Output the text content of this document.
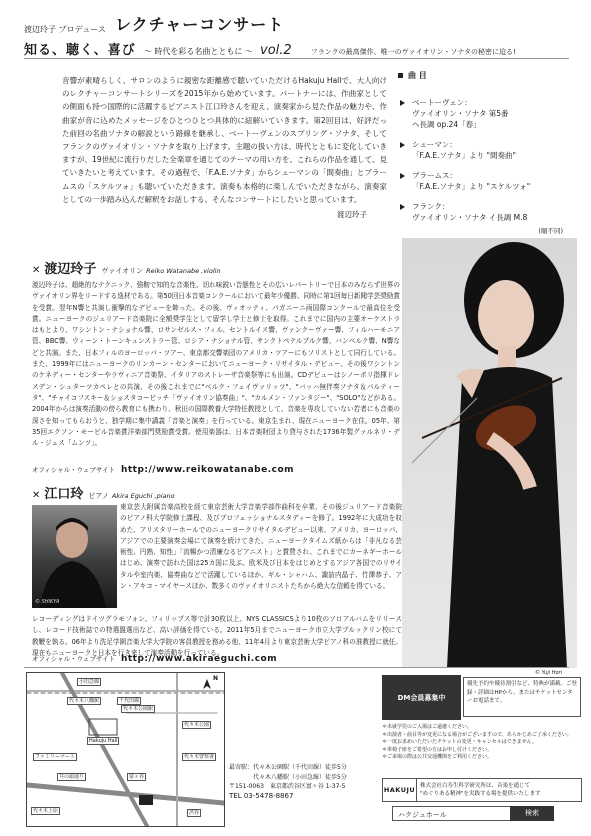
渡辺玲子 プロデュース レクチャーコンサート
知る、聴く、喜び ～ 時代を彩る名曲とともに ～ vol.2	フランクの最高傑作、唯一のヴァイオリン・ソナタの秘密に迫る!
音響が素晴らしく、サロンのように親密な距離感で聴いていただけるHakuju Hallで、大人向けのレクチャーコンサートシリーズを2015年から始めています。パートナーには、作曲家としての側面も持つ国際的に活躍するピアニスト江口玲さんを迎え、演奏家から見た作品の魅力や、作曲家が音に込めたメッセージをひとつひとつ具体的に紐解いていきます。第2回目は、好評だった前回の名曲ソナタの解説という路線を継承し、ベートーヴェンのスプリング・ソナタ、そしてフランクのヴァイオリン・ソナタを取り上げます。主題の扱い方は、時代とともに変化していきますが、19世紀に流行りだした全楽章を通じてのテーマの用い方を、これらの作品を通して、見ていきたいと考えています。その過程で、「F.A.E.ソナタ」からシューマンの「間奏曲」とブラームスの「スケルツォ」も聴いていただきます。演奏も本格的に楽しんでいただきながら、演奏家としての一歩踏み込んだ解釈をお話しする、そんなコンサートにしたいと思っています。
渡辺玲子
曲 目
ベートーヴェン：
ヴァイオリン・ソナタ 第5番
ヘ長調 op.24「春」
シューマン：
「F.A.E.ソナタ」より "間奏曲"
ブラームス：
「F.A.E.ソナタ」より "スケルツォ"
フランク：
ヴァイオリン・ソナタ イ長調 M.8
(順不同)
© Yuji Hori
✕ 渡辺玲子 ヴァイオリン Reiko Watanabe ,violin
渡辺玲子は、超絶的なテクニック、強靭で知的な音楽性、切れ味鋭い音態性とその広いレパートリーで日本のみならず世界のヴァイオリン界をリードする逸材である。第50回日本音楽コンクールにおいて最年少優勝、同時に第1回毎日新聞学芸奨励賞を受賞。翌年N響と共演し衝撃的なデビューを飾った。その後、ヴィオッティ、パガニーニ両国際コンクールで最高位を受賞。ニューヨークのジュリアード音楽院に全額奨学生として留学し学士と修士を取得。これまでに国内の主要オーケストラはもとより、ワシントン・ナショナル響、ロサンゼルス・フィル、セントルイス響、ヴァンクーヴァー響、フィルハーモニア管、BBC響、ウィーン・トーンキュンストラー管、ロシア・ナショナル管、サンクトペテルブルク響、バンベルク響、N響などと共演。また、日本フィルのヨーロッパ・ツアー、東京都交響楽団のアメリカ・ツアーにもソリストとして同行している。また、1999年にはニューヨークのリンカーン・センターにおいてニューヨーク・リサイタル・デビュー、その後ワシントンのケネディー・センターやラヴィニア音楽祭、イタリアのストレーザ音楽祭等にも出演。CDデビューはシノーポリ指揮ドレスデン・シュターツカペレとの共演、その後これまでに"ベルク・フェイヴァリッツ"、"バッハ無伴奏ソナタ＆パルティータ"、"チャイコフスキー＆ショスタコービッチ「ヴァイオリン協奏曲」"、"カルメン・ファンタジー"、"SOLO"などがある。2004年からは演奏活動の傍ら教育にも携わり、秋田の国際教養大学特任教授として、音楽を専攻していない若者にも音楽の深さを知ってもらおうと、独学期に集中講義「音楽と演奏」を行っている。東京生まれ、現在ニューヨーク在住。05年、第35回エクソン・モービル音楽賞洋楽部門奨励賞受賞。使用楽器は、日本音楽財団より貸与された1736年製グァルネリ・デル・ジェス「ムンツ」。
オフィシャル・ウェブサイト http://www.reikowatanabe.com
✕ 江口玲 ピアノ Akira Eguchi ,piano
© SHIKYA
東京芸大附属音楽高校を経て東京芸術大学音楽学部作曲科を卒業、その後ジュリアード音楽院のピアノ科大学院修士課程、及びプロフェッショナルスタディーを修了。1992年に大成功を収めた、アリスタリーホールでのニューヨークリサイタルデビュー以来、アメリカ、ヨーロッパ、アジアでの主要演奏会場にて演奏を続けてきた。ニューヨークタイムズ紙からは「非凡なる芸術性、円熟、知性」「流暢かつ清廉なるピアニスト」と賞賛され、これまでにカーネギーホールはじめ、演奏で訪れた国は25カ国に及ぶ。欧米及び日本をはじめとするアジア各国でのリサイタルや室内楽、協奏曲などで活躍しているほか、ギル・シャハム、諏訪内晶子、竹澤恭子、アン・アキコ・マイヤースほか、数多くのヴァイオリニストたちから絶大な信頼を得ている。
レコーディングはドイツグラモフォン、フィリップス等で計30枚以上、NYS CLASSICSより10枚のソロアルバムをリリースし、レコード技術誌での特選盤選出など、高い評価を得ている。2011年5月までニューヨーク市立大学ブルックリン校にて教鞭を執る。06年より洗足学園音楽大学大学院の客員教授を務める他、11年4月より東京芸術大学ピアノ科の准教授に就任。現在もニューヨークと日本を行き来して演奏活動を行っている。
オフィシャル・ウェブサイト http://www.akiraeguchi.com
小田急線
代々木八幡駅	千代田線
代々木公園駅
Hakuju Hall
代々木公園
ファミリーマート
井の頭通り
代々木警察署
代々木上原	渋谷
富ヶ谷
N
最寄駅：代々木公園駅（千代田線）徒歩5分
代々木八幡駅（小田急線）徒歩5分
〒151-0063　東京都渋谷区富ヶ谷 1-37-5
TEL 03-5478-8867
DM会員募集中
優先予約や優待割引など、特典が満載。ご登録・詳細はHPから、またはチケットセンターお電話まで。
＊未就学児のご入場はご遠慮ください。
＊出演者・曲目等が変更になる場合がございますので、あらかじめご了承ください。
＊一度お求めいただいたチケットの変更・キャンセルはできません。
＊車椅子席をご希望の方はお申し付けください。
＊ご来場の際は公共交通機関をご利用ください。
HAKUJU 株式会社白寿生科学研究所は、音楽を通じて
"めぐりある精神"を実践する場を提供いたします
ハクジュホール	検索
